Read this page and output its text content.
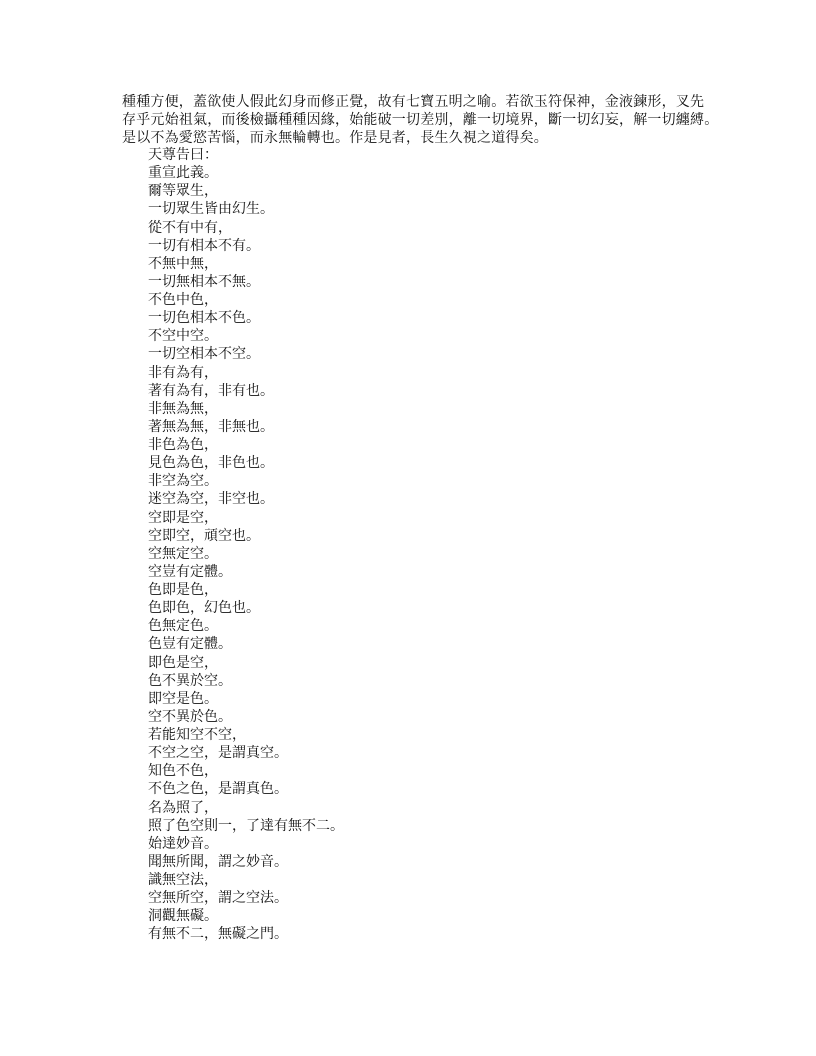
種種方便，蓋欲使人假此幻身而修正覺，故有七寶五明之喻。若欲玉符保神，金液鍊形，叉先
存乎元始祖氣，而後檢攝種種因緣，始能破一切差別，離一切境界，斷一切幻妄，解一切纏縛。
是以不為愛慾苦惱，而永無輪轉也。作是見者，長生久視之道得矣。
天尊告曰：
重宣此義。
爾等眾生，
一切眾生皆由幻生。
從不有中有，
一切有相本不有。
不無中無，
一切無相本不無。
不色中色，
一切色相本不色。
不空中空。
一切空相本不空。
非有為有，
著有為有，非有也。
非無為無，
著無為無，非無也。
非色為色，
見色為色，非色也。
非空為空。
迷空為空，非空也。
空即是空，
空即空，頑空也。
空無定空。
空豈有定體。
色即是色，
色即色，幻色也。
色無定色。
色豈有定體。
即色是空，
色不異於空。
即空是色。
空不異於色。
若能知空不空，
不空之空，是謂真空。
知色不色，
不色之色，是謂真色。
名為照了，
照了色空則一，了達有無不二。
始達妙音。
聞無所聞，謂之妙音。
識無空法，
空無所空，謂之空法。
洞觀無礙。
有無不二，無礙之門。
